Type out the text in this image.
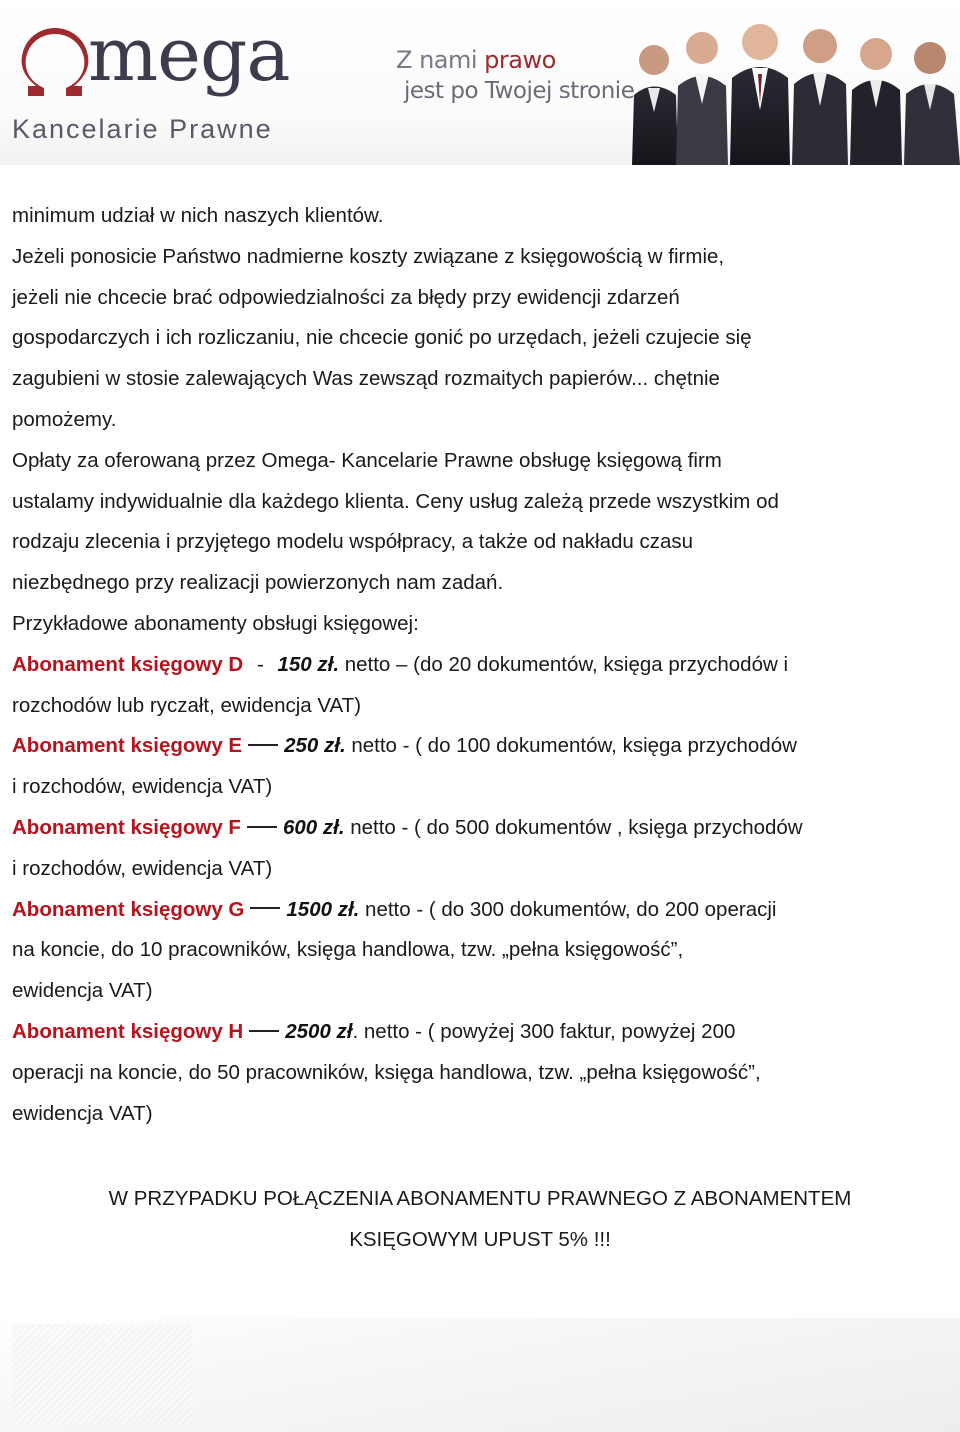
mega
Kancelarie Prawne
Z nami prawo
jest po Twojej stronie
minimum udział w nich naszych klientów.
Jeżeli ponosicie Państwo nadmierne koszty związane z księgowością w firmie,
jeżeli nie chcecie brać odpowiedzialności za błędy przy ewidencji zdarzeń
gospodarczych i ich rozliczaniu, nie chcecie gonić po urzędach, jeżeli czujecie się
zagubieni w stosie zalewających Was zewsząd rozmaitych papierów... chętnie
pomożemy.
Opłaty za oferowaną przez Omega- Kancelarie Prawne obsługę księgową firm
ustalamy indywidualnie dla każdego klienta. Ceny usług zależą przede wszystkim od
rodzaju zlecenia i przyjętego modelu współpracy, a także od nakładu czasu
niezbędnego przy realizacji powierzonych nam zadań.
Przykładowe abonamenty obsługi księgowej:
Abonament księgowy D - 150 zł. netto – (do 20 dokumentów, księga przychodów i
rozchodów lub ryczałt, ewidencja VAT)
Abonament księgowy E 250 zł. netto - ( do 100 dokumentów, księga przychodów
i rozchodów, ewidencja VAT)
Abonament księgowy F 600 zł. netto - ( do 500 dokumentów , księga przychodów
i rozchodów, ewidencja VAT)
Abonament księgowy G 1500 zł. netto - ( do 300 dokumentów, do 200 operacji
na koncie, do 10 pracowników, księga handlowa, tzw. „pełna księgowość”,
ewidencja VAT)
Abonament księgowy H 2500 zł. netto - ( powyżej 300 faktur, powyżej 200
operacji na koncie, do 50 pracowników, księga handlowa, tzw. „pełna księgowość”,
ewidencja VAT)
W PRZYPADKU POŁĄCZENIA ABONAMENTU PRAWNEGO Z ABONAMENTEM
KSIĘGOWYM UPUST 5% !!!
